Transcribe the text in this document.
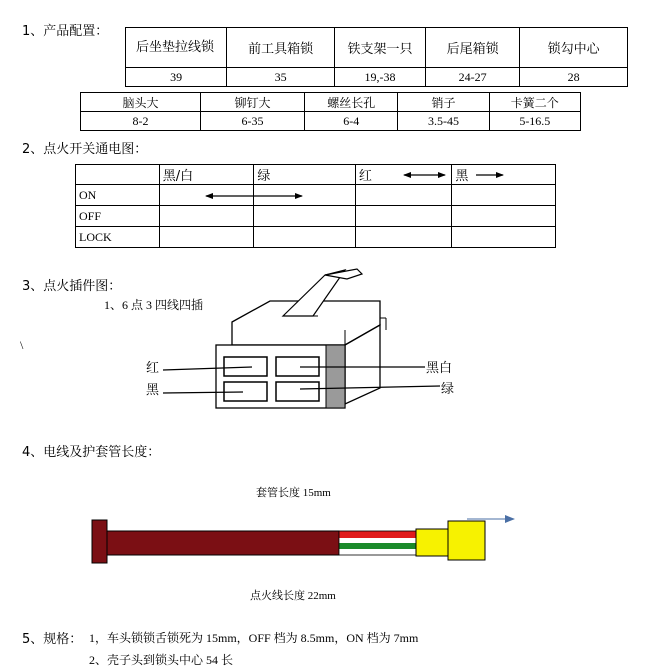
1、产品配置：
后坐垫拉线锁	前工具箱锁	铁支架一只	后尾箱锁	锁勾中心
39	35	19,-38	24-27	28
脑头大	铆钉大	螺丝长孔	销子	卡簧二个
8-2	6-35	6-4	3.5-45	5-16.5
2、点火开关通电图：
	黑/白	绿	红	黑
ON				
OFF				
LOCK				
3、点火插件图：
1、6 点 3 四线四插
\
红
黑
黑白
绿
4、电线及护套管长度：
套管长度 15mm
点火线长度 22mm
5、规格： 1，车头锁锁舌锁死为 15mm，OFF 档为 8.5mm，ON 档为 7mm
2、壳子头到锁头中心 54 长
